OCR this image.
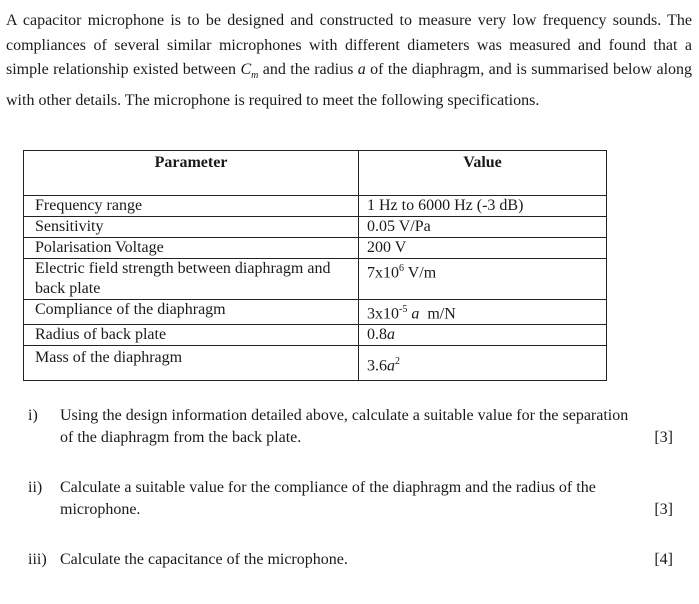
A capacitor microphone is to be designed and constructed to measure very low frequency sounds. The compliances of several similar microphones with different diameters was measured and found that a simple relationship existed between $C_m$ and the radius a of the diaphragm, and is summarised below along with other details. The microphone is required to meet the following specifications.

Parameter	Value
Frequency range	1 Hz to 6000 Hz (-3 dB)
Sensitivity	0.05 V/Pa
Polarisation Voltage	200 V
Electric field strength between diaphragm and back plate	$7x10^6$ V/m
Compliance of the diaphragm	$3x10^{-5}$ a m/N
Radius of back plate	0.8a
Mass of the diaphragm	$3.6a^2$
i) Using the design information detailed above, calculate a suitable value for the separation of the diaphragm from the back plate.	[3]
ii) Calculate a suitable value for the compliance of the diaphragm and the radius of the microphone.	[3]
iii) Calculate the capacitance of the microphone.	[4]
